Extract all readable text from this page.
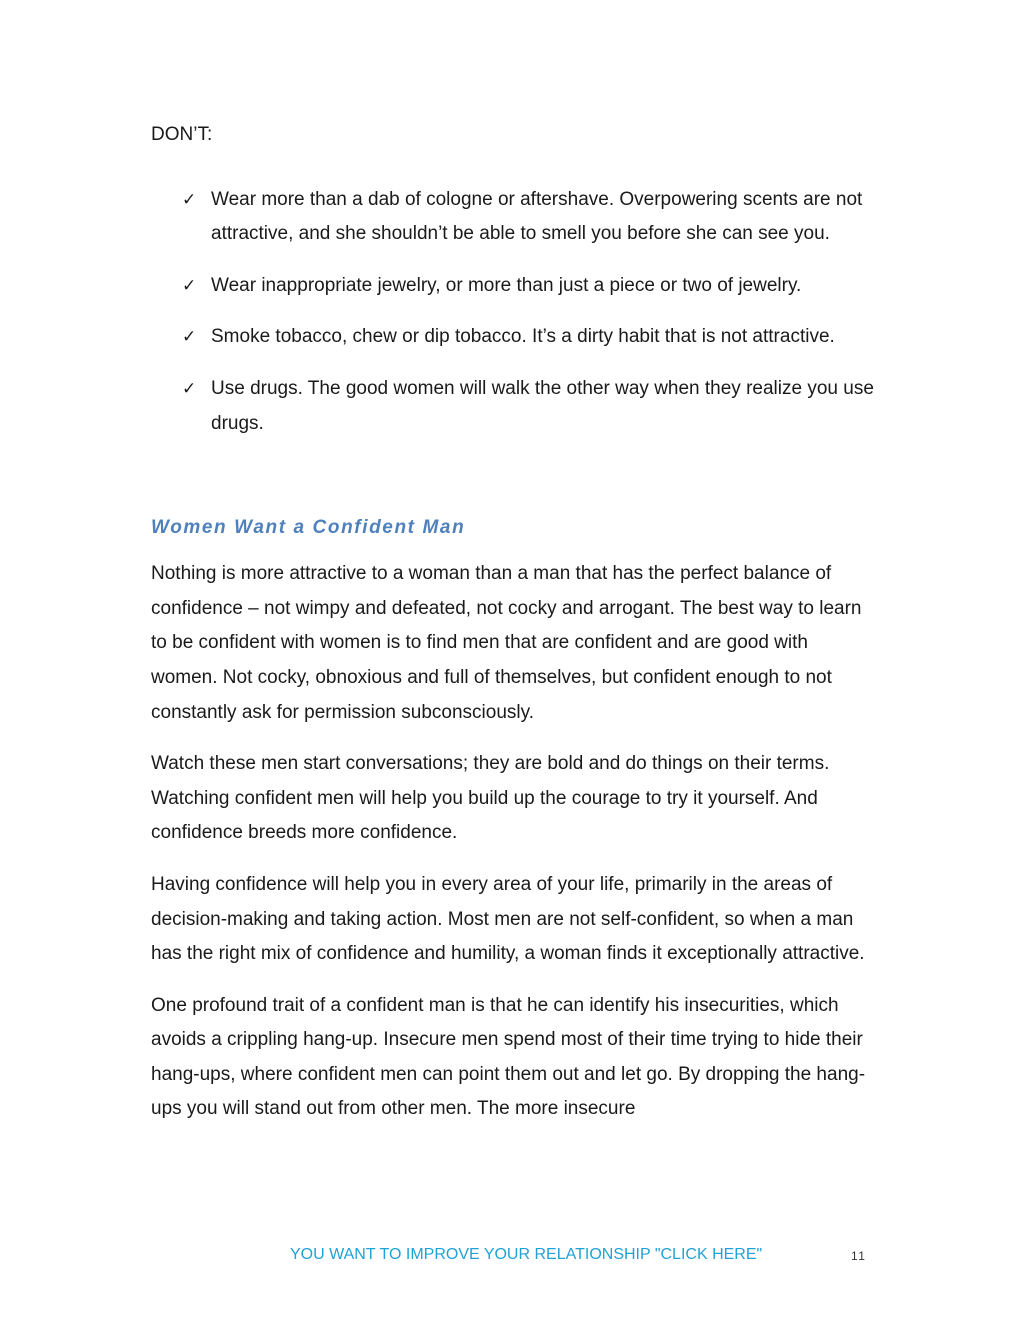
DON’T:

✓ Wear more than a dab of cologne or aftershave. Overpowering scents are not attractive, and she shouldn’t be able to smell you before she can see you.
✓ Wear inappropriate jewelry, or more than just a piece or two of jewelry.
✓ Smoke tobacco, chew or dip tobacco. It’s a dirty habit that is not attractive.
✓ Use drugs. The good women will walk the other way when they realize you use drugs.
Women Want a Confident Man

Nothing is more attractive to a woman than a man that has the perfect balance of confidence – not wimpy and defeated, not cocky and arrogant. The best way to learn to be confident with women is to find men that are confident and are good with women. Not cocky, obnoxious and full of themselves, but confident enough to not constantly ask for permission subconsciously.

Watch these men start conversations; they are bold and do things on their terms. Watching confident men will help you build up the courage to try it yourself. And confidence breeds more confidence.

Having confidence will help you in every area of your life, primarily in the areas of decision-making and taking action. Most men are not self-confident, so when a man has the right mix of confidence and humility, a woman finds it exceptionally attractive.

One profound trait of a confident man is that he can identify his insecurities, which avoids a crippling hang-up. Insecure men spend most of their time trying to hide their hang-ups, where confident men can point them out and let go. By dropping the hang-ups you will stand out from other men. The more insecure

YOU WANT TO IMPROVE YOUR RELATIONSHIP "CLICK HERE"	11
